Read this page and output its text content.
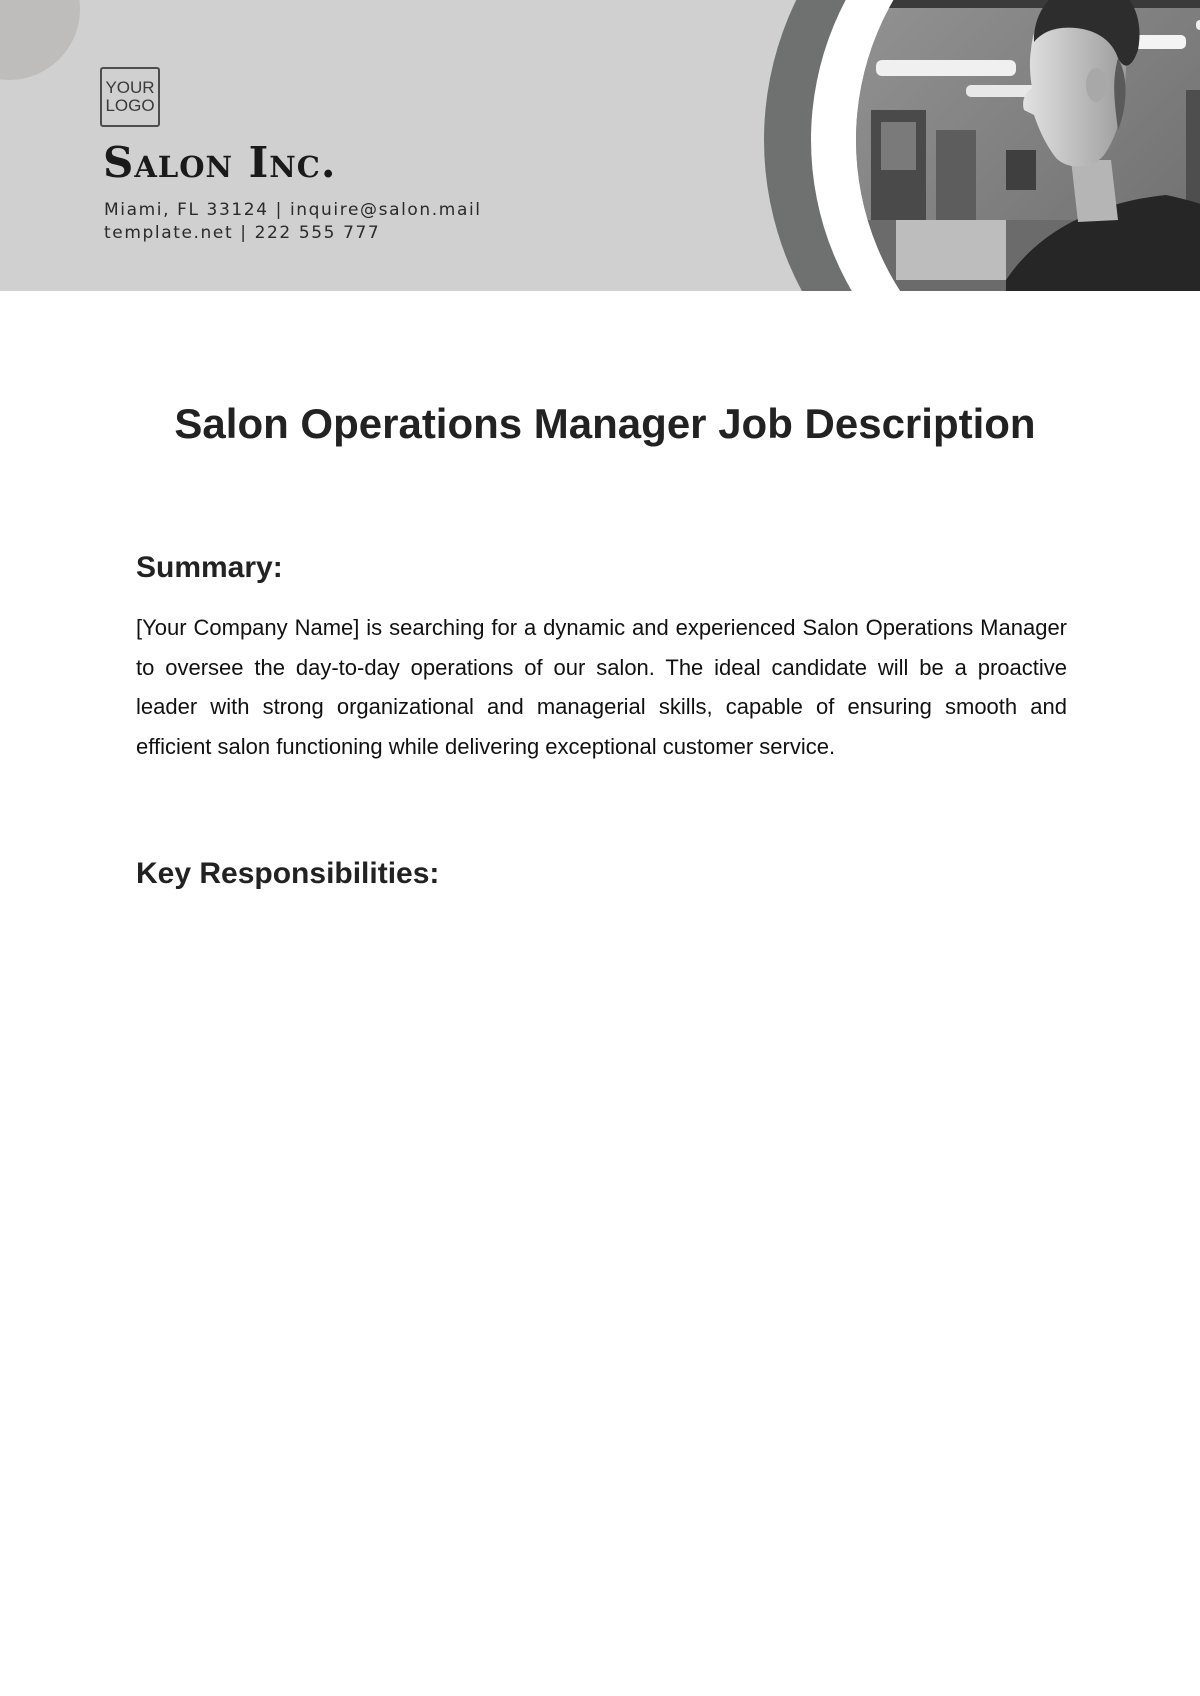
YOUR
LOGO
Salon Inc.

Miami, FL 33124 | inquire@salon.mail

template.net | 222 555 777

Salon Operations Manager Job Description
Summary:

[Your Company Name] is searching for a dynamic and experienced Salon Operations Manager to oversee the day-to-day operations of our salon. The ideal candidate will be a proactive leader with strong organizational and managerial skills, capable of ensuring smooth and efficient salon functioning while delivering exceptional customer service.

Key Responsibilities:
